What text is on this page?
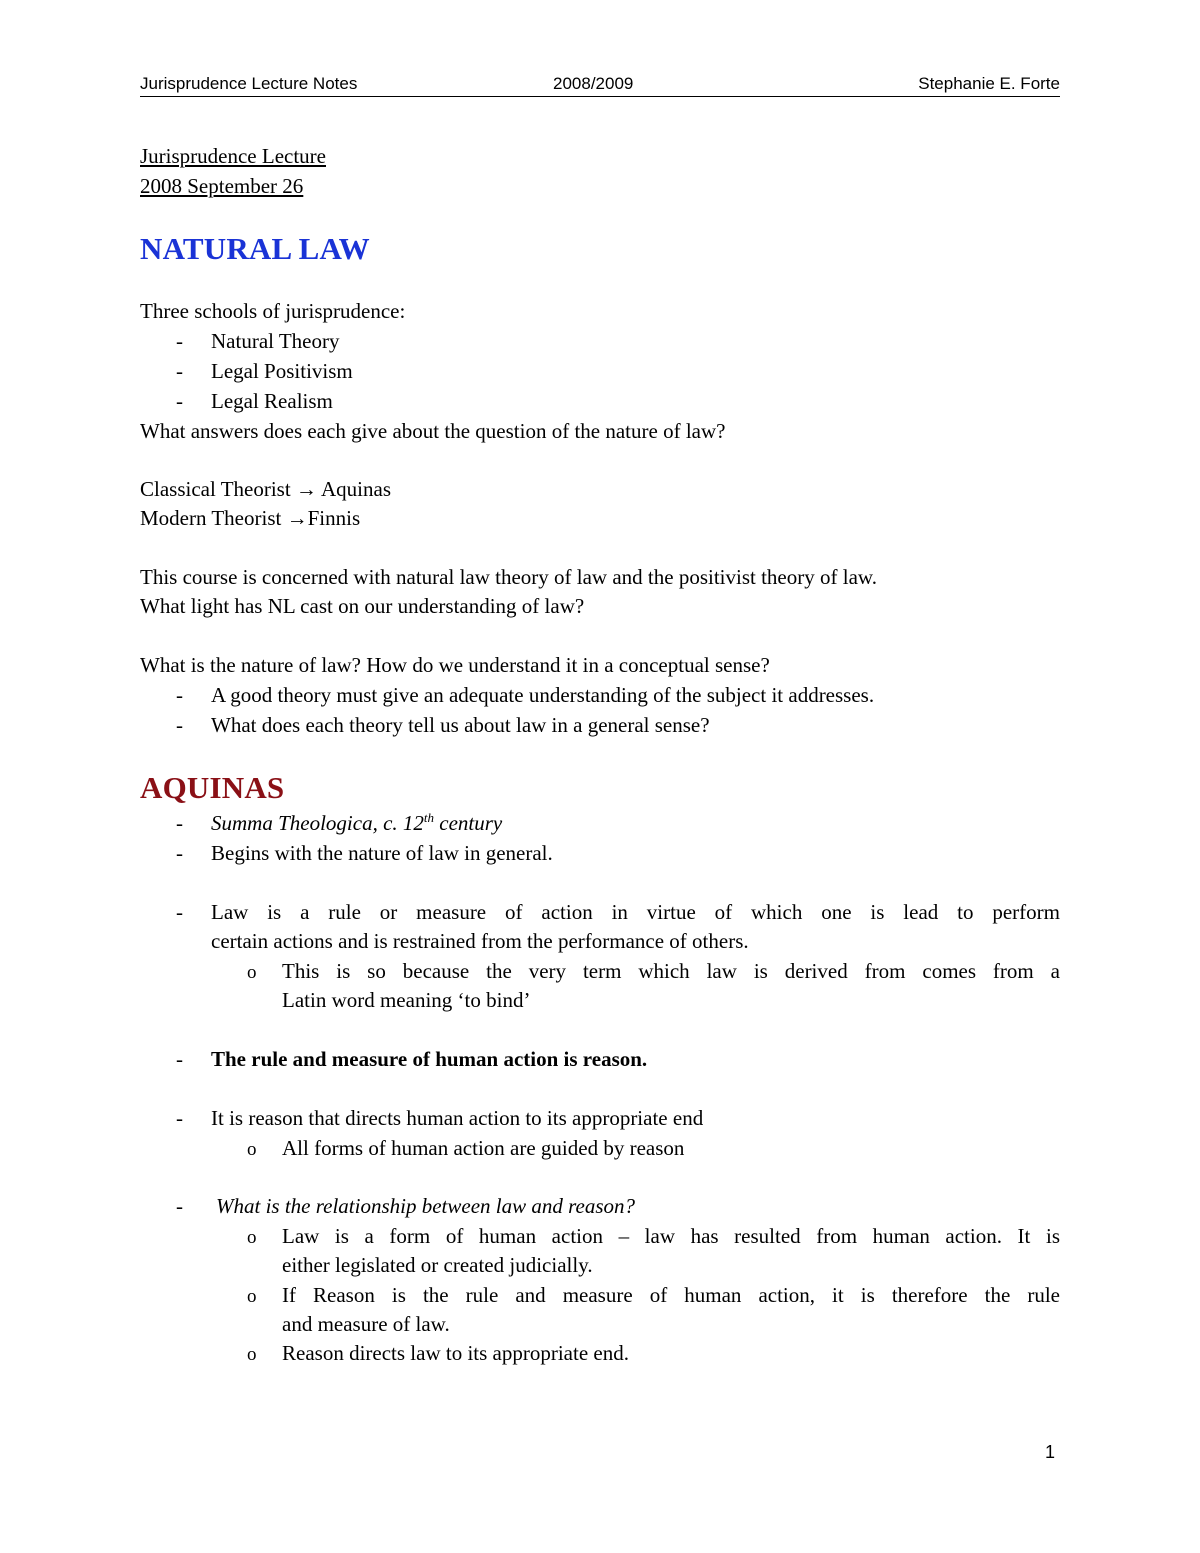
Jurisprudence Lecture Notes	2008/2009	Stephanie E. Forte
Jurisprudence Lecture
2008 September 26
NATURAL LAW
Three schools of jurisprudence:
- Natural Theory
- Legal Positivism
- Legal Realism
What answers does each give about the question of the nature of law?
Classical Theorist → Aquinas
Modern Theorist →Finnis
This course is concerned with natural law theory of law and the positivist theory of law.
What light has NL cast on our understanding of law?
What is the nature of law? How do we understand it in a conceptual sense?
- A good theory must give an adequate understanding of the subject it addresses.
- What does each theory tell us about law in a general sense?
AQUINAS
- Summa Theologica, c. 12th century
- Begins with the nature of law in general.
- Law is a rule or measure of action in virtue of which one is lead to perform
certain actions and is restrained from the performance of others.
o This is so because the very term which law is derived from comes from a
Latin word meaning ‘to bind’
- The rule and measure of human action is reason.
- It is reason that directs human action to its appropriate end
o All forms of human action are guided by reason
- What is the relationship between law and reason?
o Law is a form of human action – law has resulted from human action. It is
either legislated or created judicially.
o If Reason is the rule and measure of human action, it is therefore the rule
and measure of law.
o Reason directs law to its appropriate end.
1
